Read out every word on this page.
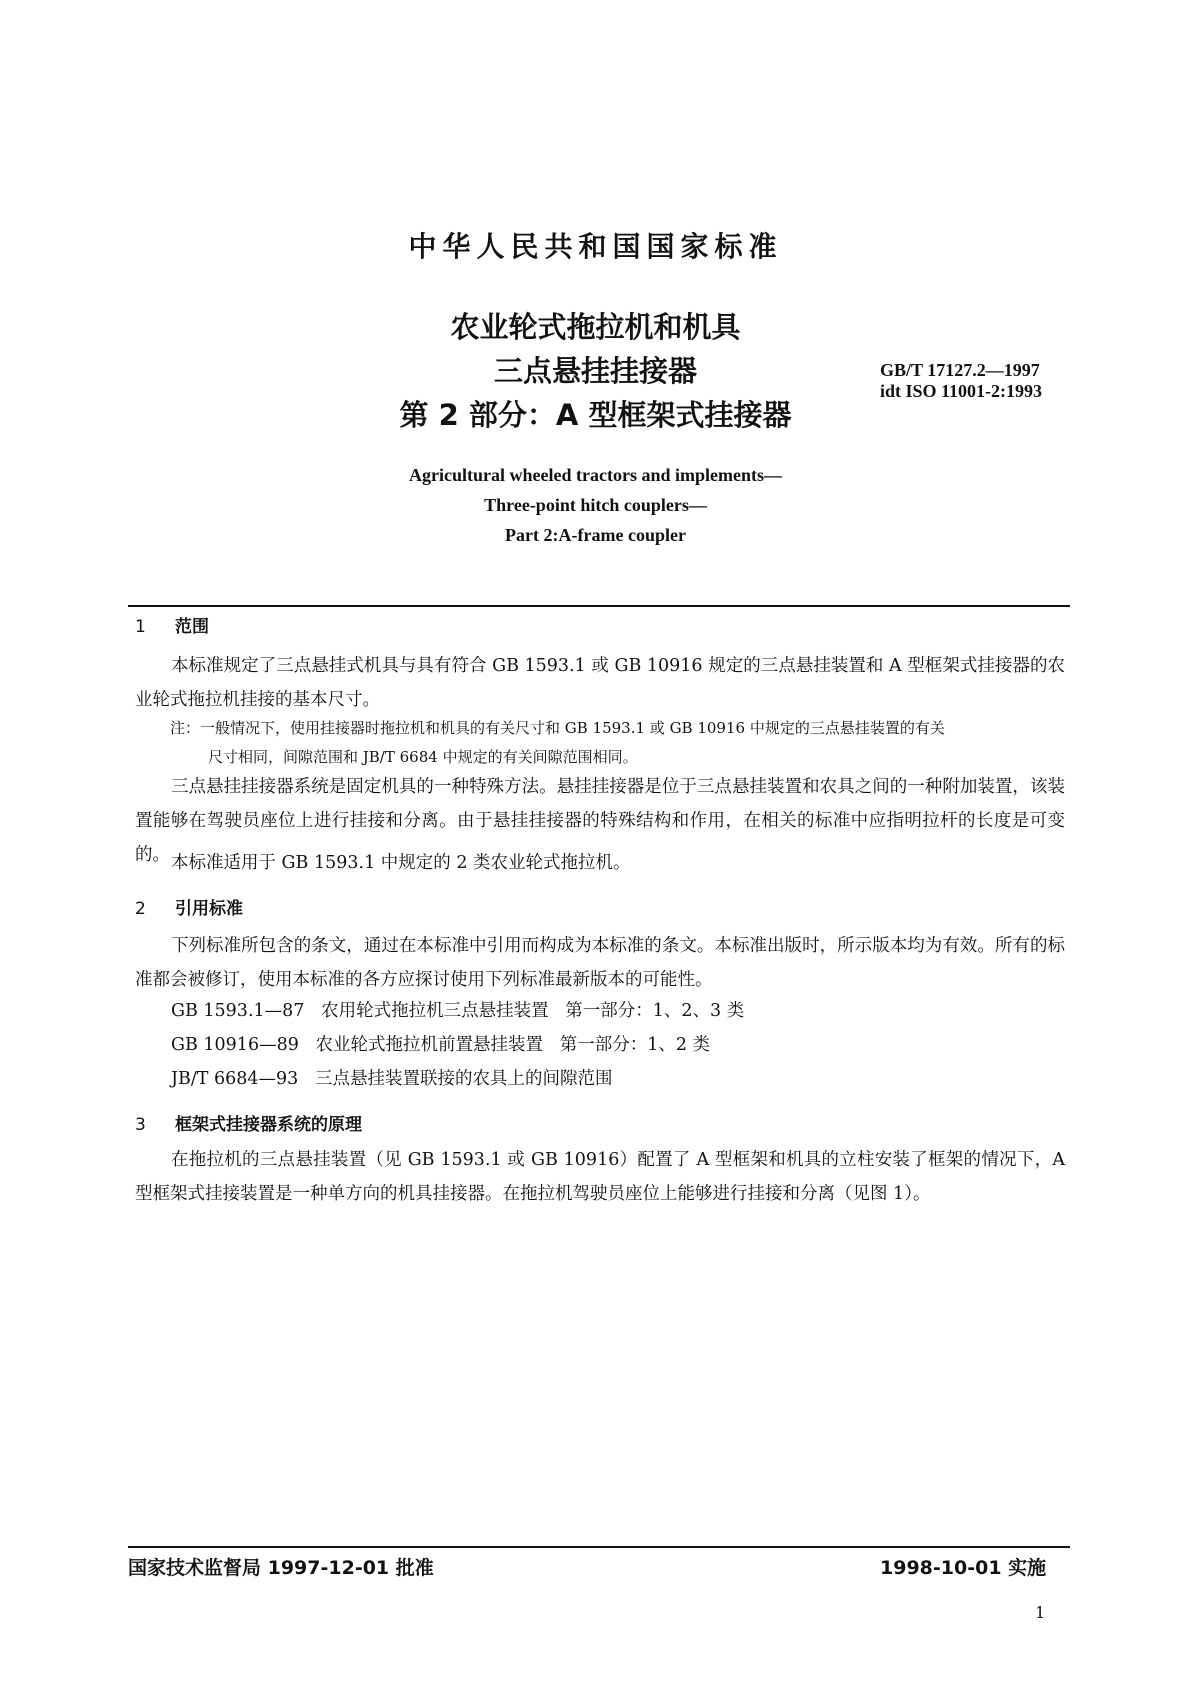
中华人民共和国国家标准
农业轮式拖拉机和机具
三点悬挂挂接器
第 2 部分：A 型框架式挂接器
GB/T 17127.2—1997
idt ISO 11001-2:1993
Agricultural wheeled tractors and implements—
Three-point hitch couplers—
Part 2:A-frame coupler
1 范围
本标准规定了三点悬挂式机具与具有符合 GB 1593.1 或 GB 10916 规定的三点悬挂装置和 A 型框架式挂接器的农业轮式拖拉机挂接的基本尺寸。
注：一般情况下，使用挂接器时拖拉机和机具的有关尺寸和 GB 1593.1 或 GB 10916 中规定的三点悬挂装置的有关
尺寸相同，间隙范围和 JB/T 6684 中规定的有关间隙范围相同。
三点悬挂挂接器系统是固定机具的一种特殊方法。悬挂挂接器是位于三点悬挂装置和农具之间的一种附加装置，该装置能够在驾驶员座位上进行挂接和分离。由于悬挂挂接器的特殊结构和作用，在相关的标准中应指明拉杆的长度是可变的。 本标准适用于 GB 1593.1 中规定的 2 类农业轮式拖拉机。
2 引用标准
下列标准所包含的条文，通过在本标准中引用而构成为本标准的条文。本标准出版时，所示版本均为有效。所有的标准都会被修订，使用本标准的各方应探讨使用下列标准最新版本的可能性。
GB 1593.1—87   农用轮式拖拉机三点悬挂装置   第一部分：1、2、3 类
GB 10916—89   农业轮式拖拉机前置悬挂装置   第一部分：1、2 类
JB/T 6684—93   三点悬挂装置联接的农具上的间隙范围
3 框架式挂接器系统的原理
在拖拉机的三点悬挂装置（见 GB 1593.1 或 GB 10916）配置了 A 型框架和机具的立柱安装了框架的情况下，A 型框架式挂接装置是一种单方向的机具挂接器。在拖拉机驾驶员座位上能够进行挂接和分离（见图 1）。
国家技术监督局 1997-12-01 批准	1998-10-01 实施
1
